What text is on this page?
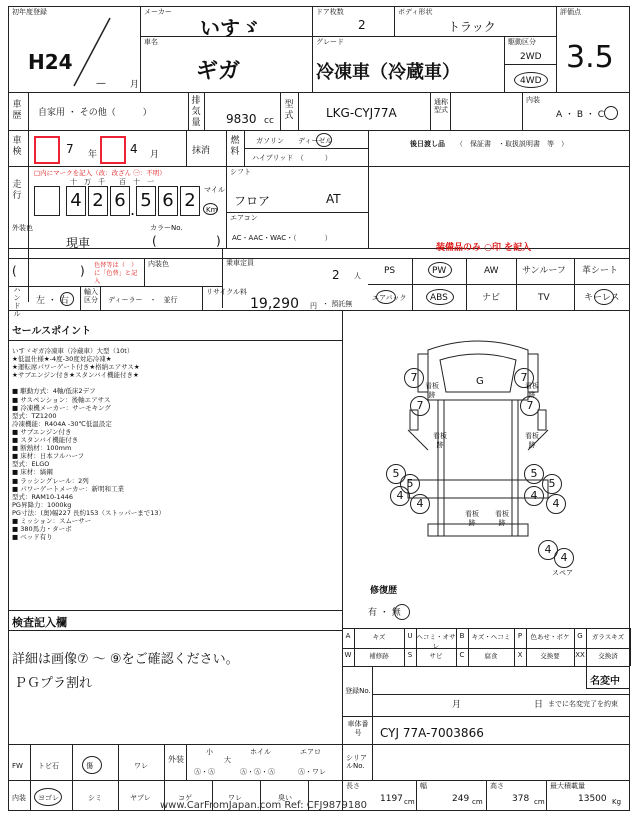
初年度登録
H24
—	月
メーカー
いすゞ
車名
ギガ
ドア枚数
2
ボディ形状
トラック
グレード
冷凍車（冷蔵車）
駆動区分
2WD
4WD
評価点
3.5
車歴 自家用 ・ その他（　　　）
排気量 9830 cc
型式	LKG-CYJ77A
通称型式
内装
A ・ B ・ C
車検	7 年	4 月	抹消
燃料
ガソリン　　ディーゼル
ハイブリッド　（　　　）
後日渡し品 （　保証書　・取扱説明書　等　）
走行
□内にマークを記入（改：改ざん ㊀：不明）
十　万　千　　百　十　一
4 2 6 5 6 2
.
マイル
Km
シフト
フロア	AT
エアコン
AC・AAC・WAC・（　　　　）
外装色
現車
カラーNo.
(	)
(	) 色替等は（　）に「色替」と記入
内装色
装備品のみ ○印 を記入
乗車定員
2 人	PS	PW	AW	サンルーフ 革シート
エアバック	ABS	ナビ	TV	キーレス
ハンドル
左 ・ 右
輸入区分 ディーラー　・　並行
リサイクル料
19,290 円 ・ 預託無
セールスポイント
いすゞギガ冷凍車（冷蔵車）大型（10t）
★低温仕様★-4度-30度対応冷凍★
★運転席パワーゲート付き★格納エアサス★
★サブエンジン付き★スタンバイ機能付き★

■ 駆動方式：4軸/低床2デフ
■ サスペンション：後軸エアサス
■ 冷凍機メーカー：サーモキング
型式：TZ1200
冷凍機能：R404A -30℃低温設定
■ サブエンジン付き
■ スタンバイ機能付き
■ 断熱材：100mm
■ 床材：日本フルハーフ
型式：ELGO
■ 床材：縞鋼
■ ラッシングレール：2列
■ パワーゲートメーカー：新明和工業
型式：RAM10-1446
PG昇降力：1000kg
PG寸法：(奥)幅227 長約153（ストッパーまで13）
■ ミッション：スムーサー
■ 380馬力・ターボ
■ ベッド有り
7
7
7
7
5
5
5
5
4
4
4
4
4
4
看板跡
看板跡
看板跡
看板跡
看板跡
看板跡
G
スペア
修復歴
有 ・ 無
検査記入欄
詳細は画像⑦ ～ ⑨をご確認ください。
ＰＧプラ割れ
A	キズ	U ヘコミ・オサレ
B	キズ・ヘコミ	P	色あせ・ボケ	G	ガラスキズ
W	補修跡	S	サビ	C	腐食	X	交換要	XX	交換済
名変中
登録No.
月	日 までに名変完了を約束
車体番号	CYJ 77A-7003866
FW トビ石	傷	ワレ
外装
小
大
Ⓐ・Ⓐ
ホイル
Ⓐ・Ⓐ・Ⓐ
エアロ
Ⓐ・ワレ
シリアルNo.
内装 ヨゴレ	シミ	ヤブレ	コゲ	ワレ	臭い
長さ
1197 cm
幅
249 cm
高さ
378 cm
最大積載量
13500 Kg
www.CarFromJapan.com Ref: CFJ9879180
